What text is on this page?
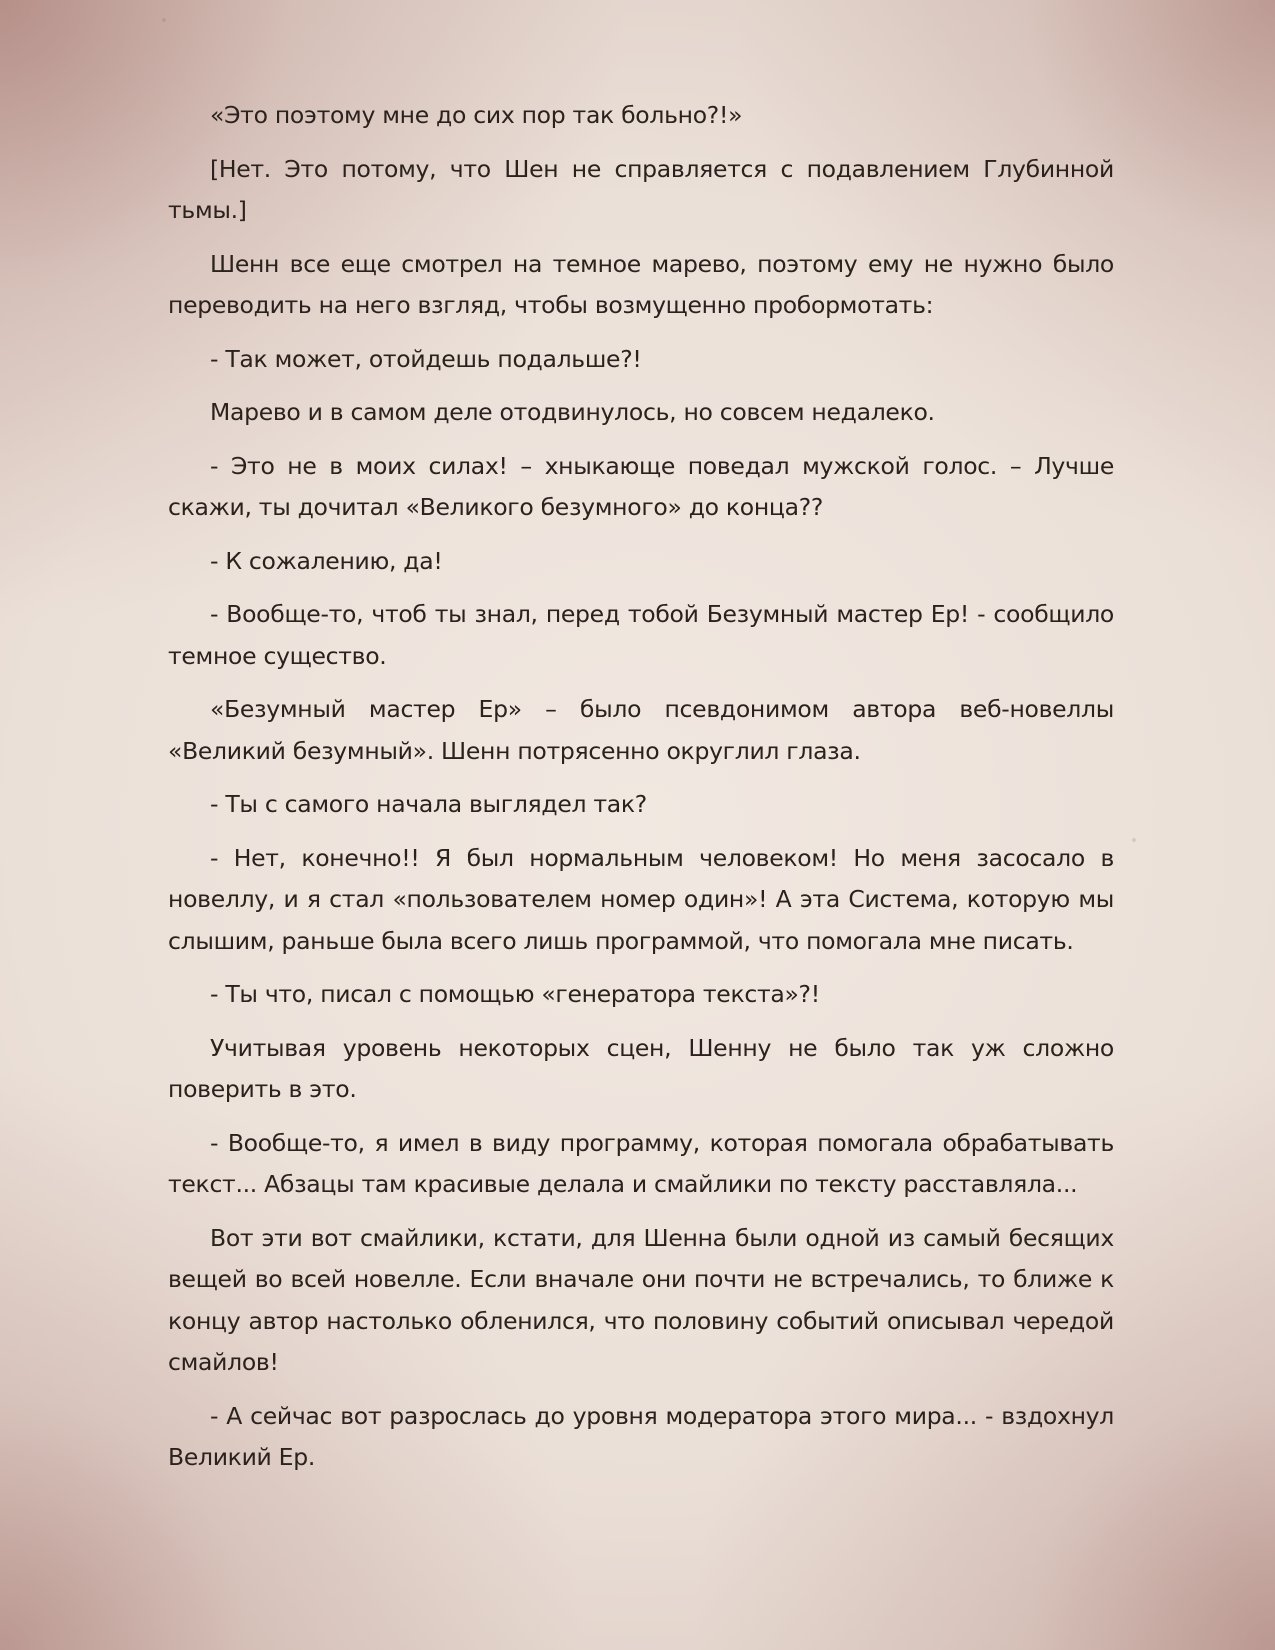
«Это поэтому мне до сих пор так больно?!»

[Нет. Это потому, что Шен не справляется с подавлением Глубинной тьмы.]

Шенн все еще смотрел на темное марево, поэтому ему не нужно было переводить на него взгляд, чтобы возмущенно пробормотать:

- Так может, отойдешь подальше?!

Марево и в самом деле отодвинулось, но совсем недалеко.

- Это не в моих силах! – хныкающе поведал мужской голос. – Лучше скажи, ты дочитал «Великого безумного» до конца??

- К сожалению, да!

- Вообще-то, чтоб ты знал, перед тобой Безумный мастер Ер! - сообщило темное существо.

«Безумный мастер Ер» – было псевдонимом автора веб-новеллы «Великий безумный». Шенн потрясенно округлил глаза.

- Ты с самого начала выглядел так?

- Нет, конечно!! Я был нормальным человеком! Но меня засосало в новеллу, и я стал «пользователем номер один»! А эта Система, которую мы слышим, раньше была всего лишь программой, что помогала мне писать.

- Ты что, писал с помощью «генератора текста»?!

Учитывая уровень некоторых сцен, Шенну не было так уж сложно поверить в это.

- Вообще-то, я имел в виду программу, которая помогала обрабатывать текст... Абзацы там красивые делала и смайлики по тексту расставляла...

Вот эти вот смайлики, кстати, для Шенна были одной из самый бесящих вещей во всей новелле. Если вначале они почти не встречались, то ближе к концу автор настолько обленился, что половину событий описывал чередой смайлов!

- А сейчас вот разрослась до уровня модератора этого мира... - вздохнул Великий Ер.
